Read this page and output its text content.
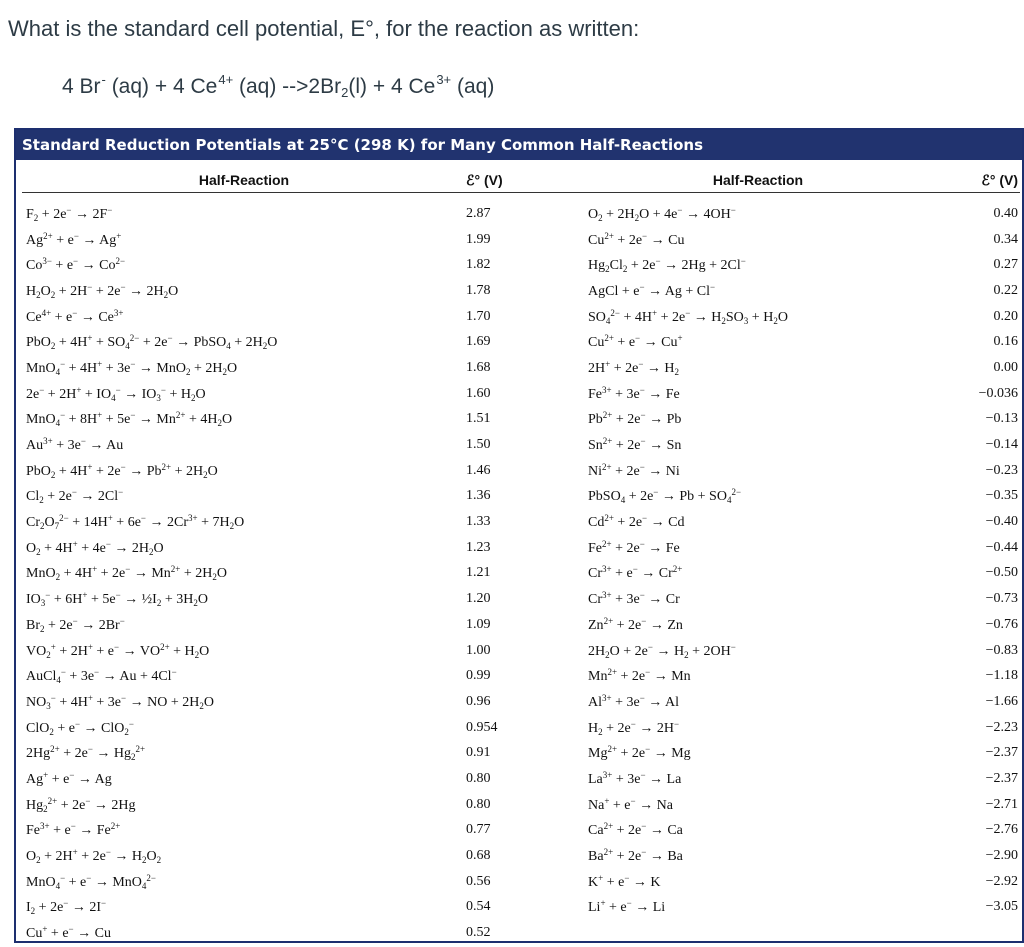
What is the standard cell potential, E°, for the reaction as written:
4 Br- (aq) + 4 $Ce^{4+}$ (aq) $-->2Br_2(l) + 4$ $Ce^{3+}$ (aq)
Standard Reduction Potentials at 25°C (298 K) for Many Common Half-Reactions
Half-Reaction	ℰ° (V)	Half-Reaction	ℰ° (V)
$F_2 + 2e^- \to 2F^-$	2.87	$O_2 + 2H_2O + 4e^- \to 4OH^-$	0.40
$Ag^{2+} + e^- \to Ag^+$	1.99	$Cu^{2+} + 2e^- \to Cu$	0.34
$Co^{3-} + e^- \to Co^{2-}$	1.82	$Hg_2Cl_2 + 2e^- \to 2Hg + 2Cl^-$	0.27
$H_2O_2 + 2H^- + 2e^- \to 2H_2O$	1.78	AgCl + e− → Ag + Cl−	0.22
$Ce^{4+} + e^- \to Ce^{3+}$	1.70	$SO_4^{2-} + 4H^+ + 2e^- \to H_2SO_3 + H_2O$	0.20
$PbO_2 + 4H^+ + SO_4^{2-} + 2e^-$ → PbSO$_4$ + $2H_2O$	1.69	$Cu^{2+} + e^- \to Cu^+$	0.16
$MnO_4^- + 4H^+ + 3e^- \to MnO_2 + 2H_2O$	1.68	$2H^+ + 2e^- \to H_2$	0.00
$2e^- + 2H^+ + IO_4^- \to IO_3^- + H_2O$	1.60	$Fe^{3+} + 3e^- \to Fe$	−0.036
$MnO_4^- + 8H^+ + 5e^- \to Mn^{2+} + 4H_2O$	1.51	$Pb^{2+} + 2e^- \to Pb$	−0.13
$Au^{3+} + 3e^- \to Au$	1.50	$Sn^{2+} + 2e^- \to Sn$	−0.14
$PbO_2 + 4H^+ + 2e^- \to Pb^{2+} + 2H_2O$	1.46	$Ni^{2+} + 2e^- \to Ni$	−0.23
$Cl_2 + 2e^- \to 2Cl^-$	1.36	PbSO$_4$ + $2e^- \to Pb + SO_4^{2-}$	−0.35
$Cr_2O_7^{2-} + 14H^+ + 6e^- \to 2Cr^{3+} + 7H_2O$	1.33	$Cd^{2+} + 2e^- \to Cd$	−0.40
$O_2 + 4H^+ + 4e^- \to 2H_2O$	1.23	$Fe^{2+} + 2e^- \to Fe$	−0.44
$MnO_2 + 4H^+ + 2e^- \to Mn^{2+} + 2H_2O$	1.21	$Cr^{3+} + e^- \to Cr^{2+}$	−0.50
$IO_3^- + 6H^+ + 5e^-$ → $\frac{1}{2}I_2 + 3H_2O$	1.20	$Cr^{3+} + 3e^- \to Cr$	−0.73
$Br_2 + 2e^- \to 2Br^-$	1.09	$Zn^{2+} + 2e^- \to Zn$	−0.76
$VO_2^+ + 2H^+ + e^- \to VO^{2+} + H_2O$	1.00	$2H_2O + 2e^- \to H_2 + 2OH^-$	−0.83
AuCl$_4$− + 3e− → Au + 4Cl−	0.99	$Mn^{2+} + 2e^- \to Mn$	−1.18
$NO_3^- + 4H^+ + 3e^-$ → NO + $2H_2O$	0.96	$Al^{3+} + 3e^- \to Al$	−1.66
ClO$_2$ + e− → ClO$_2$−	0.954	$H_2 + 2e^- \to 2H^-$	−2.23
$2Hg^{2+} + 2e^- \to Hg_2^{2+}$	0.91	$Mg^{2+} + 2e^- \to Mg$	−2.37
Ag+ + e− → Ag	0.80	$La^{3+} + 3e^- \to La$	−2.37
$Hg_2^{2+} + 2e^- \to 2Hg$	0.80	Na+ + e− → Na	−2.71
$Fe^{3+} + e^- \to Fe^{2+}$	0.77	$Ca^{2+} + 2e^- \to Ca$	−2.76
$O_2 + 2H^+ + 2e^- \to H_2O_2$	0.68	$Ba^{2+} + 2e^- \to Ba$	−2.90
MnO$_4$− + e− → MnO$_4^{2-}$	0.56	K+ + e− → K	−2.92
$I_2 + 2e^- \to 2I^-$	0.54	Li+ + e− → Li	−3.05
Cu+ + e− → Cu	0.52		
